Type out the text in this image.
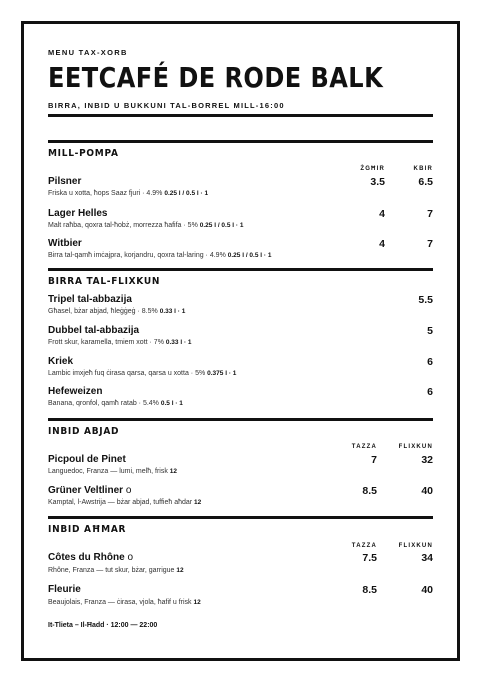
MENU TAX-XORB
EETCAFÉ DE RODE BALK
BIRRA, INBID U BUKKUNI TAL-BORREL MILL-16:00
MILL-POMPA
ŻGĦIR	KBIR
Pilsner	3.5	6.5
Friska u xotta, ħops Saaz fjuri · 4.9% 0.25 l / 0.5 l · 1
Lager Helles	4	7
Malt raħba, qoxra tal-ħobż, morrezza ħafifa · 5% 0.25 l / 0.5 l · 1
Witbier	4	7
Birra tal-qamħ imċajpra, korjandru, qoxra tal-laring · 4.9% 0.25 l / 0.5 l · 1
BIRRA TAL-FLIXKUN
Tripel tal-abbazija	5.5
Għasel, bżar abjad, ħleġġeġ · 8.5% 0.33 l · 1
Dubbel tal-abbazija	5
Frott skur, karamella, tmiem xott · 7% 0.33 l · 1
Kriek	6
Lambic imxjeħ fuq ċirasa qarsa, qarsa u xotta · 5% 0.375 l · 1
Hefeweizen	6
Banana, qronfol, qamħ ratab · 5.4% 0.5 l · 1
INBID ABJAD
TAZZA	FLIXKUN
Picpoul de Pinet	7	32
Languedoc, Franza — lumi, melħ, frisk 12
Grüner Veltliner o	8.5	40
Kamptal, l-Awstrija — bżar abjad, tuffieħ aħdar 12
INBID AĦMAR
TAZZA	FLIXKUN
Côtes du Rhône o	7.5	34
Rhône, Franza — tut skur, bżar, garrigue 12
Fleurie	8.5	40
Beaujolais, Franza — ċirasa, vjola, ħafif u frisk 12
It-Tlieta – Il-Ħadd · 12:00 — 22:00
